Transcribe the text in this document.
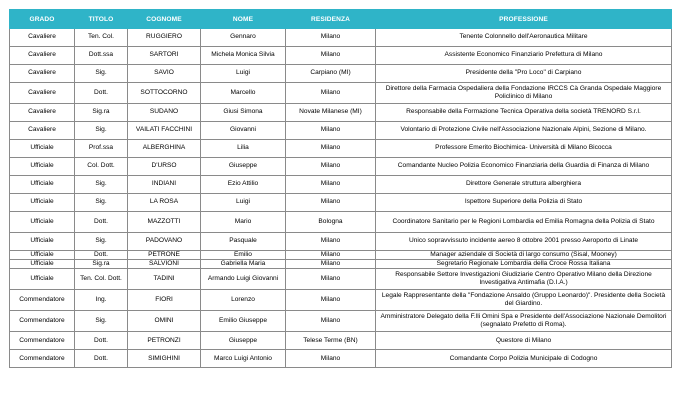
GRADO	TITOLO	COGNOME	NOME	RESIDENZA	PROFESSIONE
Cavaliere	Ten. Col.	RUGGIERO	Gennaro	Milano	Tenente Colonnello dell'Aeronautica Militare
Cavaliere	Dott.ssa	SARTORI	Michela Monica Silvia	Milano	Assistente Economico Finanziario Prefettura di Milano
Cavaliere	Sig.	SAVIO	Luigi	Carpiano (MI)	Presidente della "Pro Loco" di Carpiano
Cavaliere	Dott.	SOTTOCORNO	Marcello	Milano	Direttore della Farmacia Ospedaliera della Fondazione IRCCS Cà Granda Ospedale Maggiore Policlinico di Milano
Cavaliere	Sig.ra	SUDANO	Giusi Simona	Novate Milanese (MI)	Responsabile della Formazione Tecnica Operativa della società TRENORD S.r.l.
Cavaliere	Sig.	VAILATI FACCHINI	Giovanni	Milano	Volontario di Protezione Civile nell'Associazione Nazionale Alpini, Sezione di Milano.
Ufficiale	Prof.ssa	ALBERGHINA	Lilia	Milano	Professore Emerito Biochimica- Università di Milano Bicocca
Ufficiale	Col. Dott.	D'URSO	Giuseppe	Milano	Comandante Nucleo Polizia Economico Finanziaria della Guardia di Finanza di Milano
Ufficiale	Sig.	INDIANI	Ezio Attilio	Milano	Direttore Generale struttura alberghiera
Ufficiale	Sig.	LA ROSA	Luigi	Milano	Ispettore Superiore della Polizia di Stato
Ufficiale	Dott.	MAZZOTTI	Mario	Bologna	Coordinatore Sanitario per le Regioni Lombardia ed Emilia Romagna della Polizia di Stato
Ufficiale	Sig.	PADOVANO	Pasquale	Milano	Unico sopravvissuto incidente aereo 8 ottobre 2001 presso Aeroporto di Linate
Ufficiale	Dott.	PETRONE	Emilio	Milano	Manager aziendale di Società di largo consumo (Sisal, Mooney)
Ufficiale	Sig.ra	SALVIONI	Gabriella Maria	Milano	Segretario Regionale Lombardia della Croce Rossa Italiana
Ufficiale	Ten. Col. Dott.	TADINI	Armando Luigi Giovanni	Milano	Responsabile Settore Investigazioni Giudiziarie Centro Operativo Milano della Direzione Investigativa Antimafia (D.I.A.)
Commendatore	Ing.	FIORI	Lorenzo	Milano	Legale Rappresentante della "Fondazione Ansaldo (Gruppo Leonardo)". Presidente della Società del Giardino.
Commendatore	Sig.	OMINI	Emilio Giuseppe	Milano	Amministratore Delegato della F.lli Omini Spa e Presidente dell'Associazione Nazionale Demolitori (segnalato Prefetto di Roma).
Commendatore	Dott.	PETRONZI	Giuseppe	Telese Terme (BN)	Questore di Milano
Commendatore	Dott.	SIMIGHINI	Marco Luigi Antonio	Milano	Comandante Corpo Polizia Municipale di Codogno
